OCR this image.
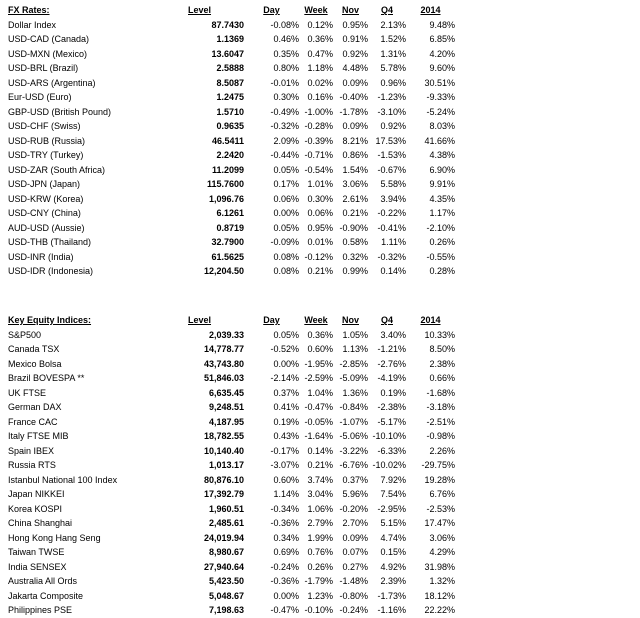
FX Rates:	Level	Day	Week	Nov	Q4	2014	
Dollar Index	87.7430	-0.08%	0.12%	0.95%	2.13%	9.48%	
USD-CAD (Canada)	1.1369	0.46%	0.36%	0.91%	1.52%	6.85%	
USD-MXN (Mexico)	13.6047	0.35%	0.47%	0.92%	1.31%	4.20%	
USD-BRL (Brazil)	2.5888	0.80%	1.18%	4.48%	5.78%	9.60%	
USD-ARS (Argentina)	8.5087	-0.01%	0.02%	0.09%	0.96%	30.51%	
Eur-USD (Euro)	1.2475	0.30%	0.16%	-0.40%	-1.23%	-9.33%	
GBP-USD (British Pound)	1.5710	-0.49%	-1.00%	-1.78%	-3.10%	-5.24%	
USD-CHF (Swiss)	0.9635	-0.32%	-0.28%	0.09%	0.92%	8.03%	
USD-RUB (Russia)	46.5411	2.09%	-0.39%	8.21%	17.53%	41.66%	
USD-TRY (Turkey)	2.2420	-0.44%	-0.71%	0.86%	-1.53%	4.38%	
USD-ZAR (South Africa)	11.2099	0.05%	-0.54%	1.54%	-0.67%	6.90%	
USD-JPN (Japan)	115.7600	0.17%	1.01%	3.06%	5.58%	9.91%	
USD-KRW (Korea)	1,096.76	0.06%	0.30%	2.61%	3.94%	4.35%	
USD-CNY (China)	6.1261	0.00%	0.06%	0.21%	-0.22%	1.17%	
AUD-USD (Aussie)	0.8719	0.05%	0.95%	-0.90%	-0.41%	-2.10%	
USD-THB (Thailand)	32.7900	-0.09%	0.01%	0.58%	1.11%	0.26%	
USD-INR (India)	61.5625	0.08%	-0.12%	0.32%	-0.32%	-0.55%	
USD-IDR (Indonesia)	12,204.50	0.08%	0.21%	0.99%	0.14%	0.28%	
Key Equity Indices:	Level	Day	Week	Nov	Q4	2014	
S&P500	2,039.33	0.05%	0.36%	1.05%	3.40%	10.33%	
Canada TSX	14,778.77	-0.52%	0.60%	1.13%	-1.21%	8.50%	
Mexico Bolsa	43,743.80	0.00%	-1.95%	-2.85%	-2.76%	2.38%	
Brazil BOVESPA **	51,846.03	-2.14%	-2.59%	-5.09%	-4.19%	0.66%	
UK FTSE	6,635.45	0.37%	1.04%	1.36%	0.19%	-1.68%	
German DAX	9,248.51	0.41%	-0.47%	-0.84%	-2.38%	-3.18%	
France CAC	4,187.95	0.19%	-0.05%	-1.07%	-5.17%	-2.51%	
Italy FTSE MIB	18,782.55	0.43%	-1.64%	-5.06%	-10.10%	-0.98%	
Spain IBEX	10,140.40	-0.17%	0.14%	-3.22%	-6.33%	2.26%	
Russia RTS	1,013.17	-3.07%	0.21%	-6.76%	-10.02%	-29.75%	
Istanbul National 100 Index	80,876.10	0.60%	3.74%	0.37%	7.92%	19.28%	
Japan NIKKEI	17,392.79	1.14%	3.04%	5.96%	7.54%	6.76%	
Korea KOSPI	1,960.51	-0.34%	1.06%	-0.20%	-2.95%	-2.53%	
China Shanghai	2,485.61	-0.36%	2.79%	2.70%	5.15%	17.47%	
Hong Kong Hang Seng	24,019.94	0.34%	1.99%	0.09%	4.74%	3.06%	
Taiwan TWSE	8,980.67	0.69%	0.76%	0.07%	0.15%	4.29%	
India SENSEX	27,940.64	-0.24%	0.26%	0.27%	4.92%	31.98%	
Australia All Ords	5,423.50	-0.36%	-1.79%	-1.48%	2.39%	1.32%	
Jakarta Composite	5,048.67	0.00%	1.23%	-0.80%	-1.73%	18.12%	
Philippines PSE	7,198.63	-0.47%	-0.10%	-0.24%	-1.16%	22.22%	
